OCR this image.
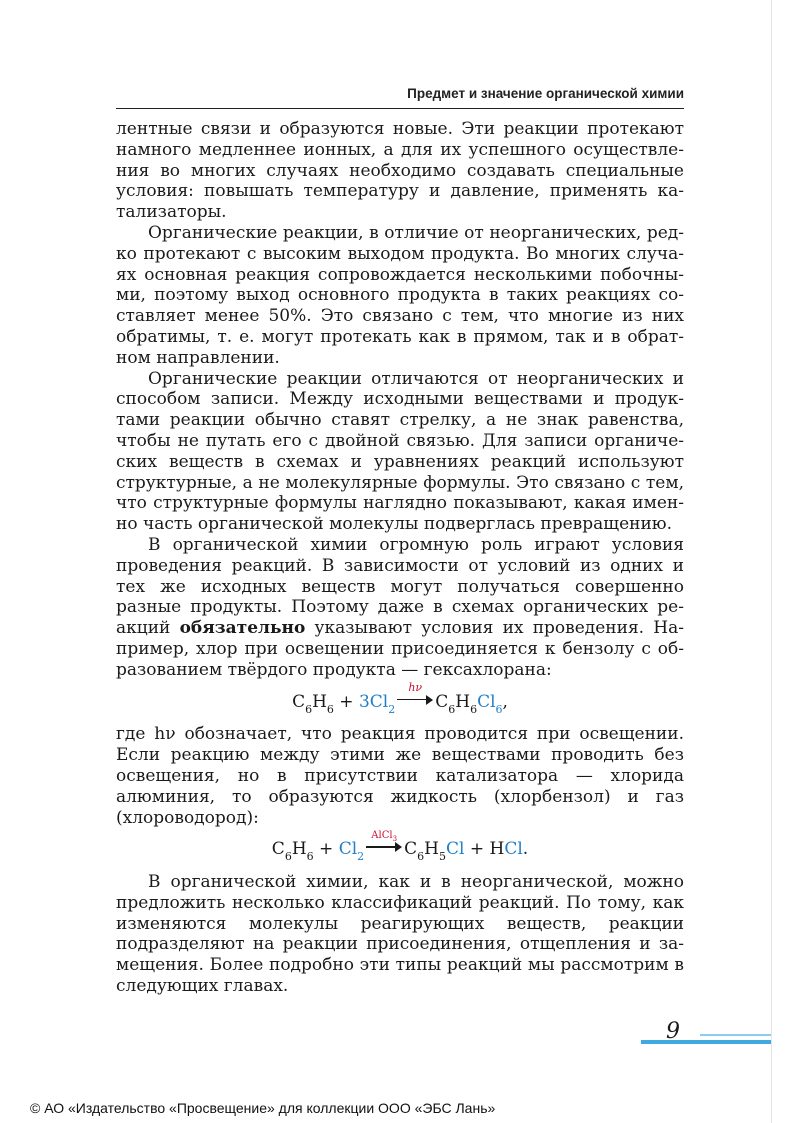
Предмет и значение органической химии

лентные связи и образуются новые. Эти реакции протекают намного медленнее ионных, а для их успешного осуществления во многих случаях необходимо создавать специальные условия: повышать температуру и давление, применять катализаторы.

Органические реакции, в отличие от неорганических, редко протекают с высоким выходом продукта. Во многих случаях основная реакция сопровождается несколькими побочными, поэтому выход основного продукта в таких реакциях составляет менее 50%. Это связано с тем, что многие из них обратимы, т. е. могут протекать как в прямом, так и в обратном направлении.

Органические реакции отличаются от неорганических и способом записи. Между исходными веществами и продуктами реакции обычно ставят стрелку, а не знак равенства, чтобы не путать его с двойной связью. Для записи органических веществ в схемах и уравнениях реакций используют структурные, а не молекулярные формулы. Это связано с тем, что структурные формулы наглядно показывают, какая именно часть органической молекулы подверглась превращению.

В органической химии огромную роль играют условия проведения реакций. В зависимости от условий из одних и тех же исходных веществ могут получаться совершенно разные продукты. Поэтому даже в схемах органических реакций обязательно указывают условия их проведения. Например, хлор при освещении присоединяется к бензолу с образованием твёрдого продукта — гексахлорана:

$C_6H_6 + 3Cl_2$
hν
$C_6H_6Cl_6$,

где hν обозначает, что реакция проводится при освещении. Если реакцию между этими же веществами проводить без освещения, но в присутствии катализатора — хлорида алюминия, то образуются жидкость (хлорбензол) и газ (хлороводород):

$C_6H_6 + Cl_2$
AlCl$_3$ $C_6H_5Cl$ + HCl.

В органической химии, как и в неорганической, можно предложить несколько классификаций реакций. По тому, как изменяются молекулы реагирующих веществ, реакции подразделяют на реакции присоединения, отщепления и замещения. Более подробно эти типы реакций мы рассмотрим в следующих главах.

9
© АО «Издательство «Просвещение» для коллекции ООО «ЭБС Лань»
